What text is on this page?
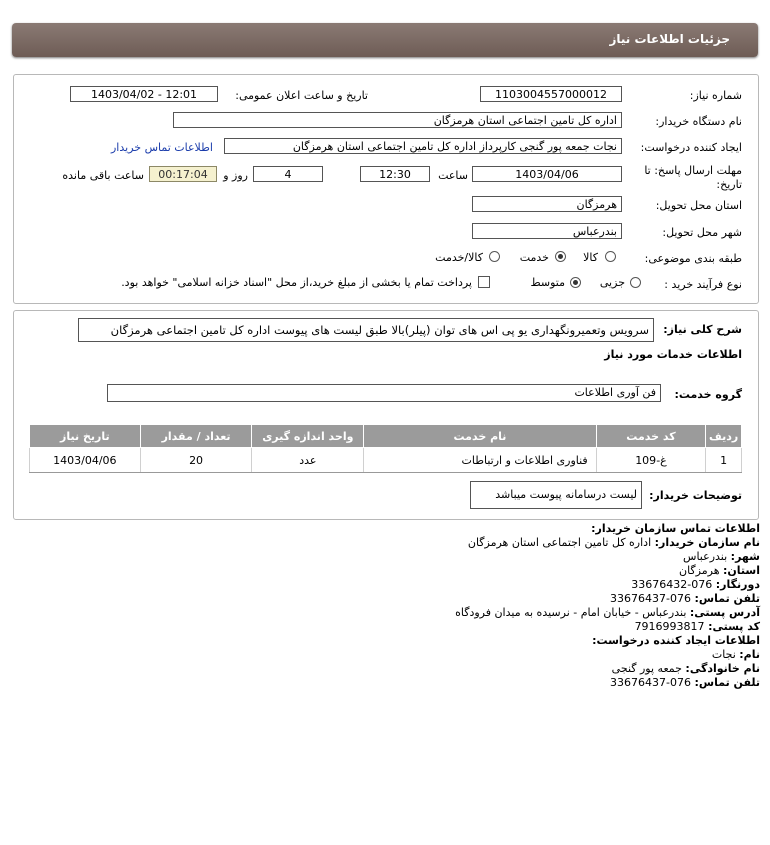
جزئیات اطلاعات نیاز
شماره نیاز:
1103004557000012
تاریخ و ساعت اعلان عمومی:
1403/04/02 - 12:01
نام دستگاه خریدار:
اداره کل تامین اجتماعی استان هرمزگان
ایجاد کننده درخواست:
نجات جمعه پور گنجی کارپرداز اداره کل تامین اجتماعی استان هرمزگان
اطلاعات تماس خریدار
مهلت ارسال پاسخ: تا
تاریخ:
1403/04/06
ساعت
12:30
4
روز و
00:17:04
ساعت باقی مانده
استان محل تحویل:
هرمزگان
شهر محل تحویل:
بندرعباس
طبقه بندی موضوعی:
کالا
خدمت
کالا/خدمت
نوع فرآیند خرید :
جزیی
متوسط
پرداخت تمام یا بخشی از مبلغ خرید،از محل "اسناد خزانه اسلامی" خواهد بود.
شرح کلی نیاز:
سرویس وتعمیرونگهداری یو پی اس های توان (پیلر)بالا طبق لیست های پیوست اداره کل تامین اجتماعی هرمزگان
اطلاعات خدمات مورد نیاز
گروه خدمت:
فن آوری اطلاعات
ردیف	کد خدمت	نام خدمت	واحد اندازه گیری	تعداد / مقدار	تاریخ نیاز
1	غ-109	فناوری اطلاعات و ارتباطات	عدد	20	1403/04/06
توضیحات خریدار:
لیست درسامانه پیوست میباشد
اطلاعات تماس سازمان خریدار:
نام سازمان خریدار: اداره کل تامین اجتماعی استان هرمزگان
شهر: بندرعباس
استان: هرمزگان
دورنگار: 076-33676432
تلفن تماس: 076-33676437
آدرس پستی: بندرعباس - خیابان امام - نرسیده به میدان فرودگاه
کد پستی: 7916993817
اطلاعات ایجاد کننده درخواست:
نام: نجات
نام خانوادگی: جمعه پور گنجی
تلفن تماس: 076-33676437
